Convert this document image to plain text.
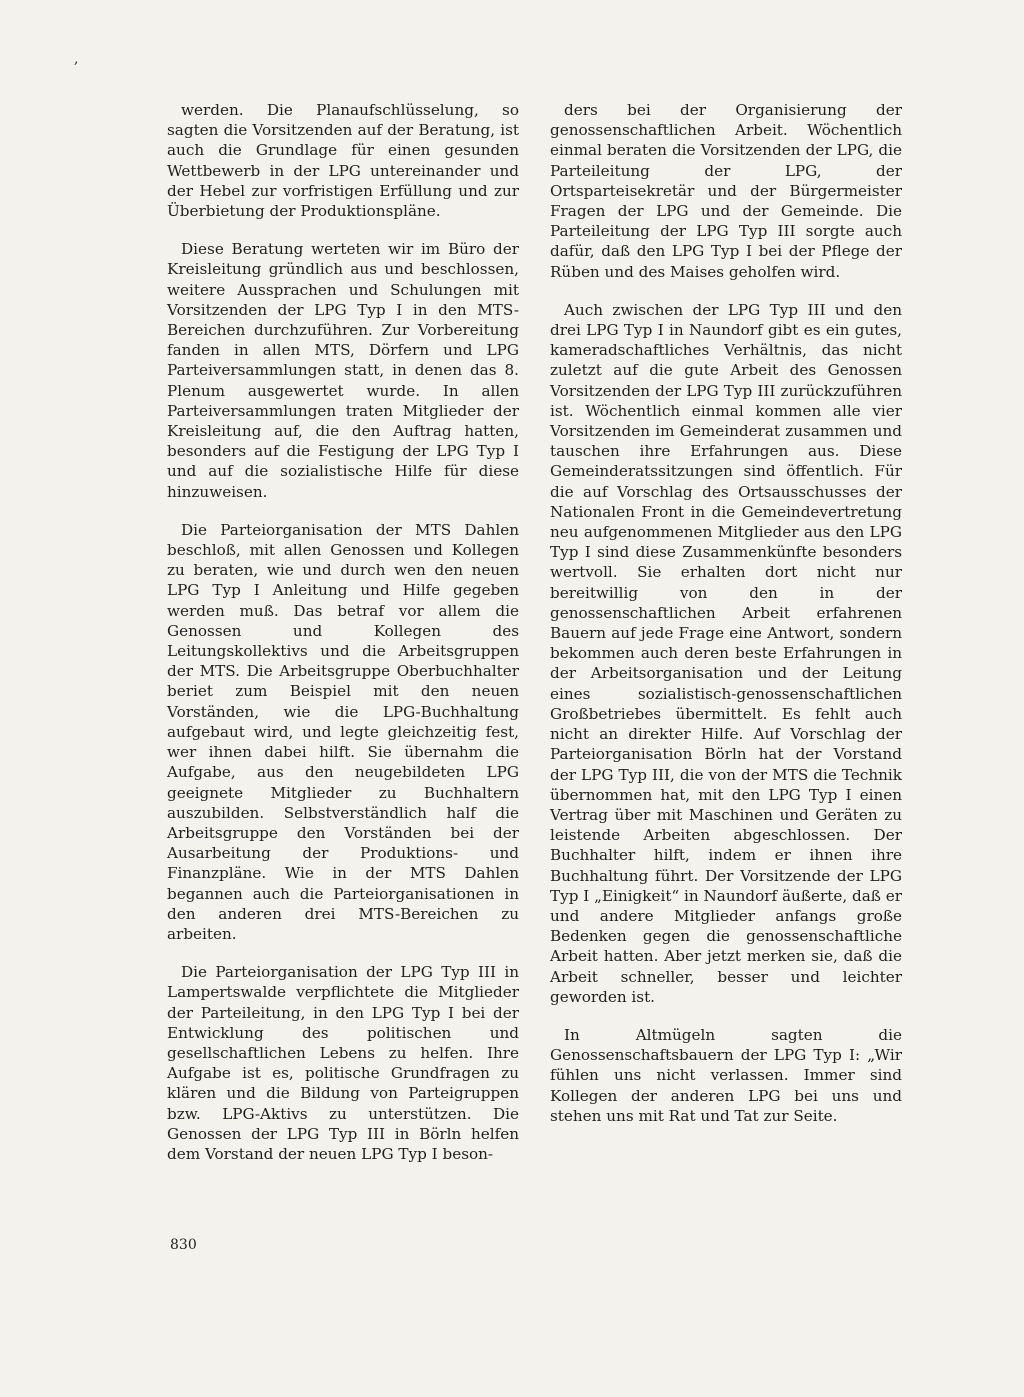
,

werden. Die Planaufschlüsselung, so sagten die Vorsitzenden auf der Beratung, ist auch die Grundlage für einen gesunden Wettbewerb in der LPG untereinander und der Hebel zur vorfristigen Erfüllung und zur Überbietung der Produktionspläne.

Diese Beratung werteten wir im Büro der Kreisleitung gründlich aus und beschlossen, weitere Aussprachen und Schulungen mit Vorsitzenden der LPG Typ I in den MTS-Bereichen durchzuführen. Zur Vorbereitung fanden in allen MTS, Dörfern und LPG Parteiversammlungen statt, in denen das 8. Plenum ausgewertet wurde. In allen Parteiversammlungen traten Mitglieder der Kreisleitung auf, die den Auftrag hatten, besonders auf die Festigung der LPG Typ I und auf die sozialistische Hilfe für diese hinzuweisen.

Die Parteiorganisation der MTS Dahlen beschloß, mit allen Genossen und Kollegen zu beraten, wie und durch wen den neuen LPG Typ I Anleitung und Hilfe gegeben werden muß. Das betraf vor allem die Genossen und Kollegen des Leitungskollektivs und die Arbeitsgruppen der MTS. Die Arbeitsgruppe Oberbuchhalter beriet zum Beispiel mit den neuen Vorständen, wie die LPG-Buchhaltung aufgebaut wird, und legte gleichzeitig fest, wer ihnen dabei hilft. Sie übernahm die Aufgabe, aus den neugebildeten LPG geeignete Mitglieder zu Buchhaltern auszubilden. Selbstverständlich half die Arbeitsgruppe den Vorständen bei der Ausarbeitung der Produktions- und Finanzpläne. Wie in der MTS Dahlen begannen auch die Parteiorganisationen in den anderen drei MTS-Bereichen zu arbeiten.

Die Parteiorganisation der LPG Typ III in Lampertswalde verpflichtete die Mitglieder der Parteileitung, in den LPG Typ I bei der Entwicklung des politischen und gesellschaftlichen Lebens zu helfen. Ihre Aufgabe ist es, politische Grundfragen zu klären und die Bildung von Parteigruppen bzw. LPG-Aktivs zu unterstützen. Die Genossen der LPG Typ III in Börln helfen dem Vorstand der neuen LPG Typ I beson-

ders bei der Organisierung der genossenschaftlichen Arbeit. Wöchentlich einmal beraten die Vorsitzenden der LPG, die Parteileitung der LPG, der Ortsparteisekretär und der Bürgermeister Fragen der LPG und der Gemeinde. Die Parteileitung der LPG Typ III sorgte auch dafür, daß den LPG Typ I bei der Pflege der Rüben und des Maises geholfen wird.

Auch zwischen der LPG Typ III und den drei LPG Typ I in Naundorf gibt es ein gutes, kameradschaftliches Verhältnis, das nicht zuletzt auf die gute Arbeit des Genossen Vorsitzenden der LPG Typ III zurückzuführen ist. Wöchentlich einmal kommen alle vier Vorsitzenden im Gemeinderat zusammen und tauschen ihre Erfahrungen aus. Diese Gemeinderatssitzungen sind öffentlich. Für die auf Vorschlag des Ortsausschusses der Nationalen Front in die Gemeindevertretung neu aufgenommenen Mitglieder aus den LPG Typ I sind diese Zusammenkünfte besonders wertvoll. Sie erhalten dort nicht nur bereitwillig von den in der genossenschaftlichen Arbeit erfahrenen Bauern auf jede Frage eine Antwort, sondern bekommen auch deren beste Erfahrungen in der Arbeitsorganisation und der Leitung eines sozialistisch-genossenschaftlichen Großbetriebes übermittelt. Es fehlt auch nicht an direkter Hilfe. Auf Vorschlag der Parteiorganisation Börln hat der Vorstand der LPG Typ III, die von der MTS die Technik übernommen hat, mit den LPG Typ I einen Vertrag über mit Maschinen und Geräten zu leistende Arbeiten abgeschlossen. Der Buchhalter hilft, indem er ihnen ihre Buchhaltung führt. Der Vorsitzende der LPG Typ I „Einigkeit“ in Naundorf äußerte, daß er und andere Mitglieder anfangs große Bedenken gegen die genossenschaftliche Arbeit hatten. Aber jetzt merken sie, daß die Arbeit schneller, besser und leichter geworden ist.

In Altmügeln sagten die Genossenschaftsbauern der LPG Typ I: „Wir fühlen uns nicht verlassen. Immer sind Kollegen der anderen LPG bei uns und stehen uns mit Rat und Tat zur Seite.

830
